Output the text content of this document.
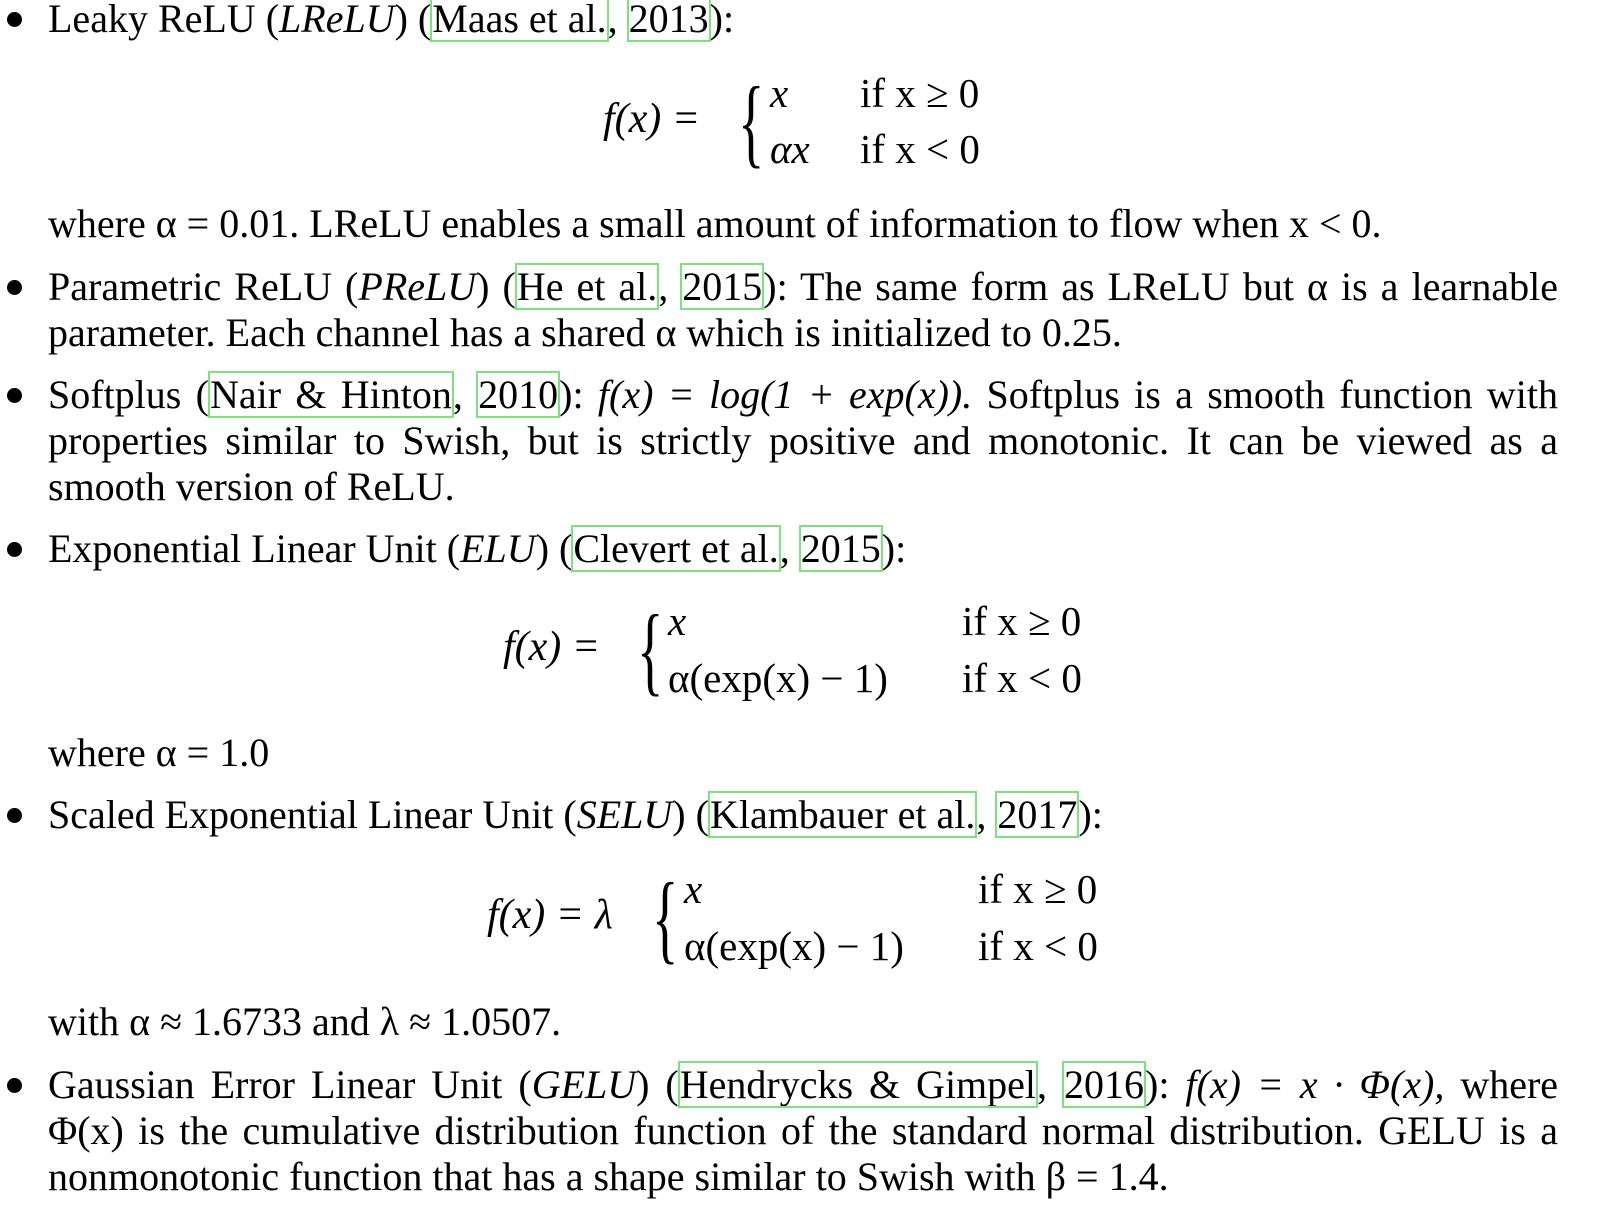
Leaky ReLU (LReLU) (Maas et al., 2013):

f(x) = { x if x ≥ 0
αx if x < 0

where α = 0.01. LReLU enables a small amount of information to flow when x < 0.

Parametric ReLU (PReLU) (He et al., 2015): The same form as LReLU but α is a learnable parameter. Each channel has a shared α which is initialized to 0.25.

Softplus (Nair & Hinton, 2010): f(x) = log(1 + exp(x)). Softplus is a smooth function with properties similar to Swish, but is strictly positive and monotonic. It can be viewed as a smooth version of ReLU.

Exponential Linear Unit (ELU) (Clevert et al., 2015):

f(x) = { x	if x ≥ 0
α(exp(x) − 1) if x < 0

where α = 1.0

Scaled Exponential Linear Unit (SELU) (Klambauer et al., 2017):

f(x) = λ { x	if x ≥ 0
α(exp(x) − 1) if x < 0

with α ≈ 1.6733 and λ ≈ 1.0507.

Gaussian Error Linear Unit (GELU) (Hendrycks & Gimpel, 2016): f(x) = x · Φ(x), where Φ(x) is the cumulative distribution function of the standard normal distribution. GELU is a nonmonotonic function that has a shape similar to Swish with β = 1.4.
